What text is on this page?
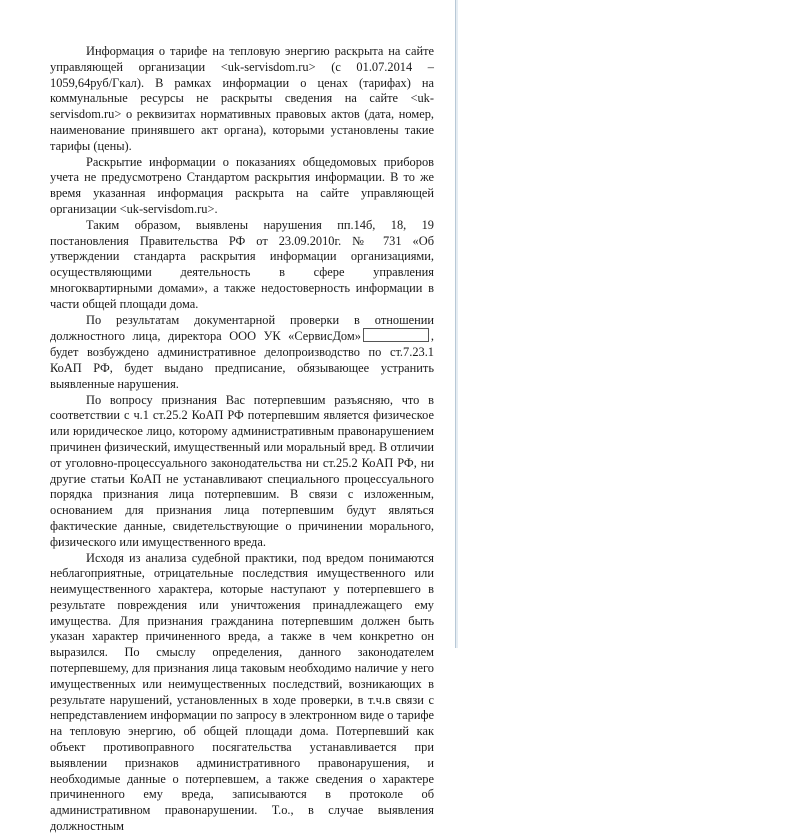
Информация о тарифе на тепловую энергию раскрыта на сайте управляющей организации <uk-servisdom.ru> (с 01.07.2014 – 1059,64руб/Гкал). В рамках информации о ценах (тарифах) на коммунальные ресурсы не раскрыты сведения на сайте <uk-servisdom.ru> о реквизитах нормативных правовых актов (дата, номер, наименование принявшего акт органа), которыми установлены такие тарифы (цены).

Раскрытие информации о показаниях общедомовых приборов учета не предусмотрено Стандартом раскрытия информации. В то же время указанная информация раскрыта на сайте управляющей организации <uk-servisdom.ru>.

Таким образом, выявлены нарушения пп.14б, 18, 19 постановления Правительства РФ от 23.09.2010г. № 731 «Об утверждении стандарта раскрытия информации организациями, осуществляющими деятельность в сфере управления многоквартирными домами», а также недостоверность информации в части общей площади дома.

По результатам документарной проверки в отношении должностного лица, директора ООО УК «СервисДом»	, будет возбуждено административное делопроизводство по ст.7.23.1 КоАП РФ, будет выдано предписание, обязывающее устранить выявленные нарушения.

По вопросу признания Вас потерпевшим разъясняю, что в соответствии с ч.1 ст.25.2 КоАП РФ потерпевшим является физическое или юридическое лицо, которому административным правонарушением причинен физический, имущественный или моральный вред. В отличии от уголовно-процессуального законодательства ни ст.25.2 КоАП РФ, ни другие статьи КоАП не устанавливают специального процессуального порядка признания лица потерпевшим. В связи с изложенным, основанием для признания лица потерпевшим будут являться фактические данные, свидетельствующие о причинении морального, физического или имущественного вреда.

Исходя из анализа судебной практики, под вредом понимаются неблагоприятные, отрицательные последствия имущественного или неимущественного характера, которые наступают у потерпевшего в результате повреждения или уничтожения принадлежащего ему имущества. Для признания гражданина потерпевшим должен быть указан характер причиненного вреда, а также в чем конкретно он выразился. По смыслу определения, данного законодателем потерпевшему, для признания лица таковым необходимо наличие у него имущественных или неимущественных последствий, возникающих в результате нарушений, установленных в ходе проверки, в т.ч.в связи с непредставлением информации по запросу в электронном виде о тарифе на тепловую энергию, об общей площади дома. Потерпевший как объект противоправного посягательства устанавливается при выявлении признаков административного правонарушения, и необходимые данные о потерпевшем, а также сведения о характере причиненного ему вреда, записываются в протоколе об административном правонарушении. Т.о., в случае выявления должностным
